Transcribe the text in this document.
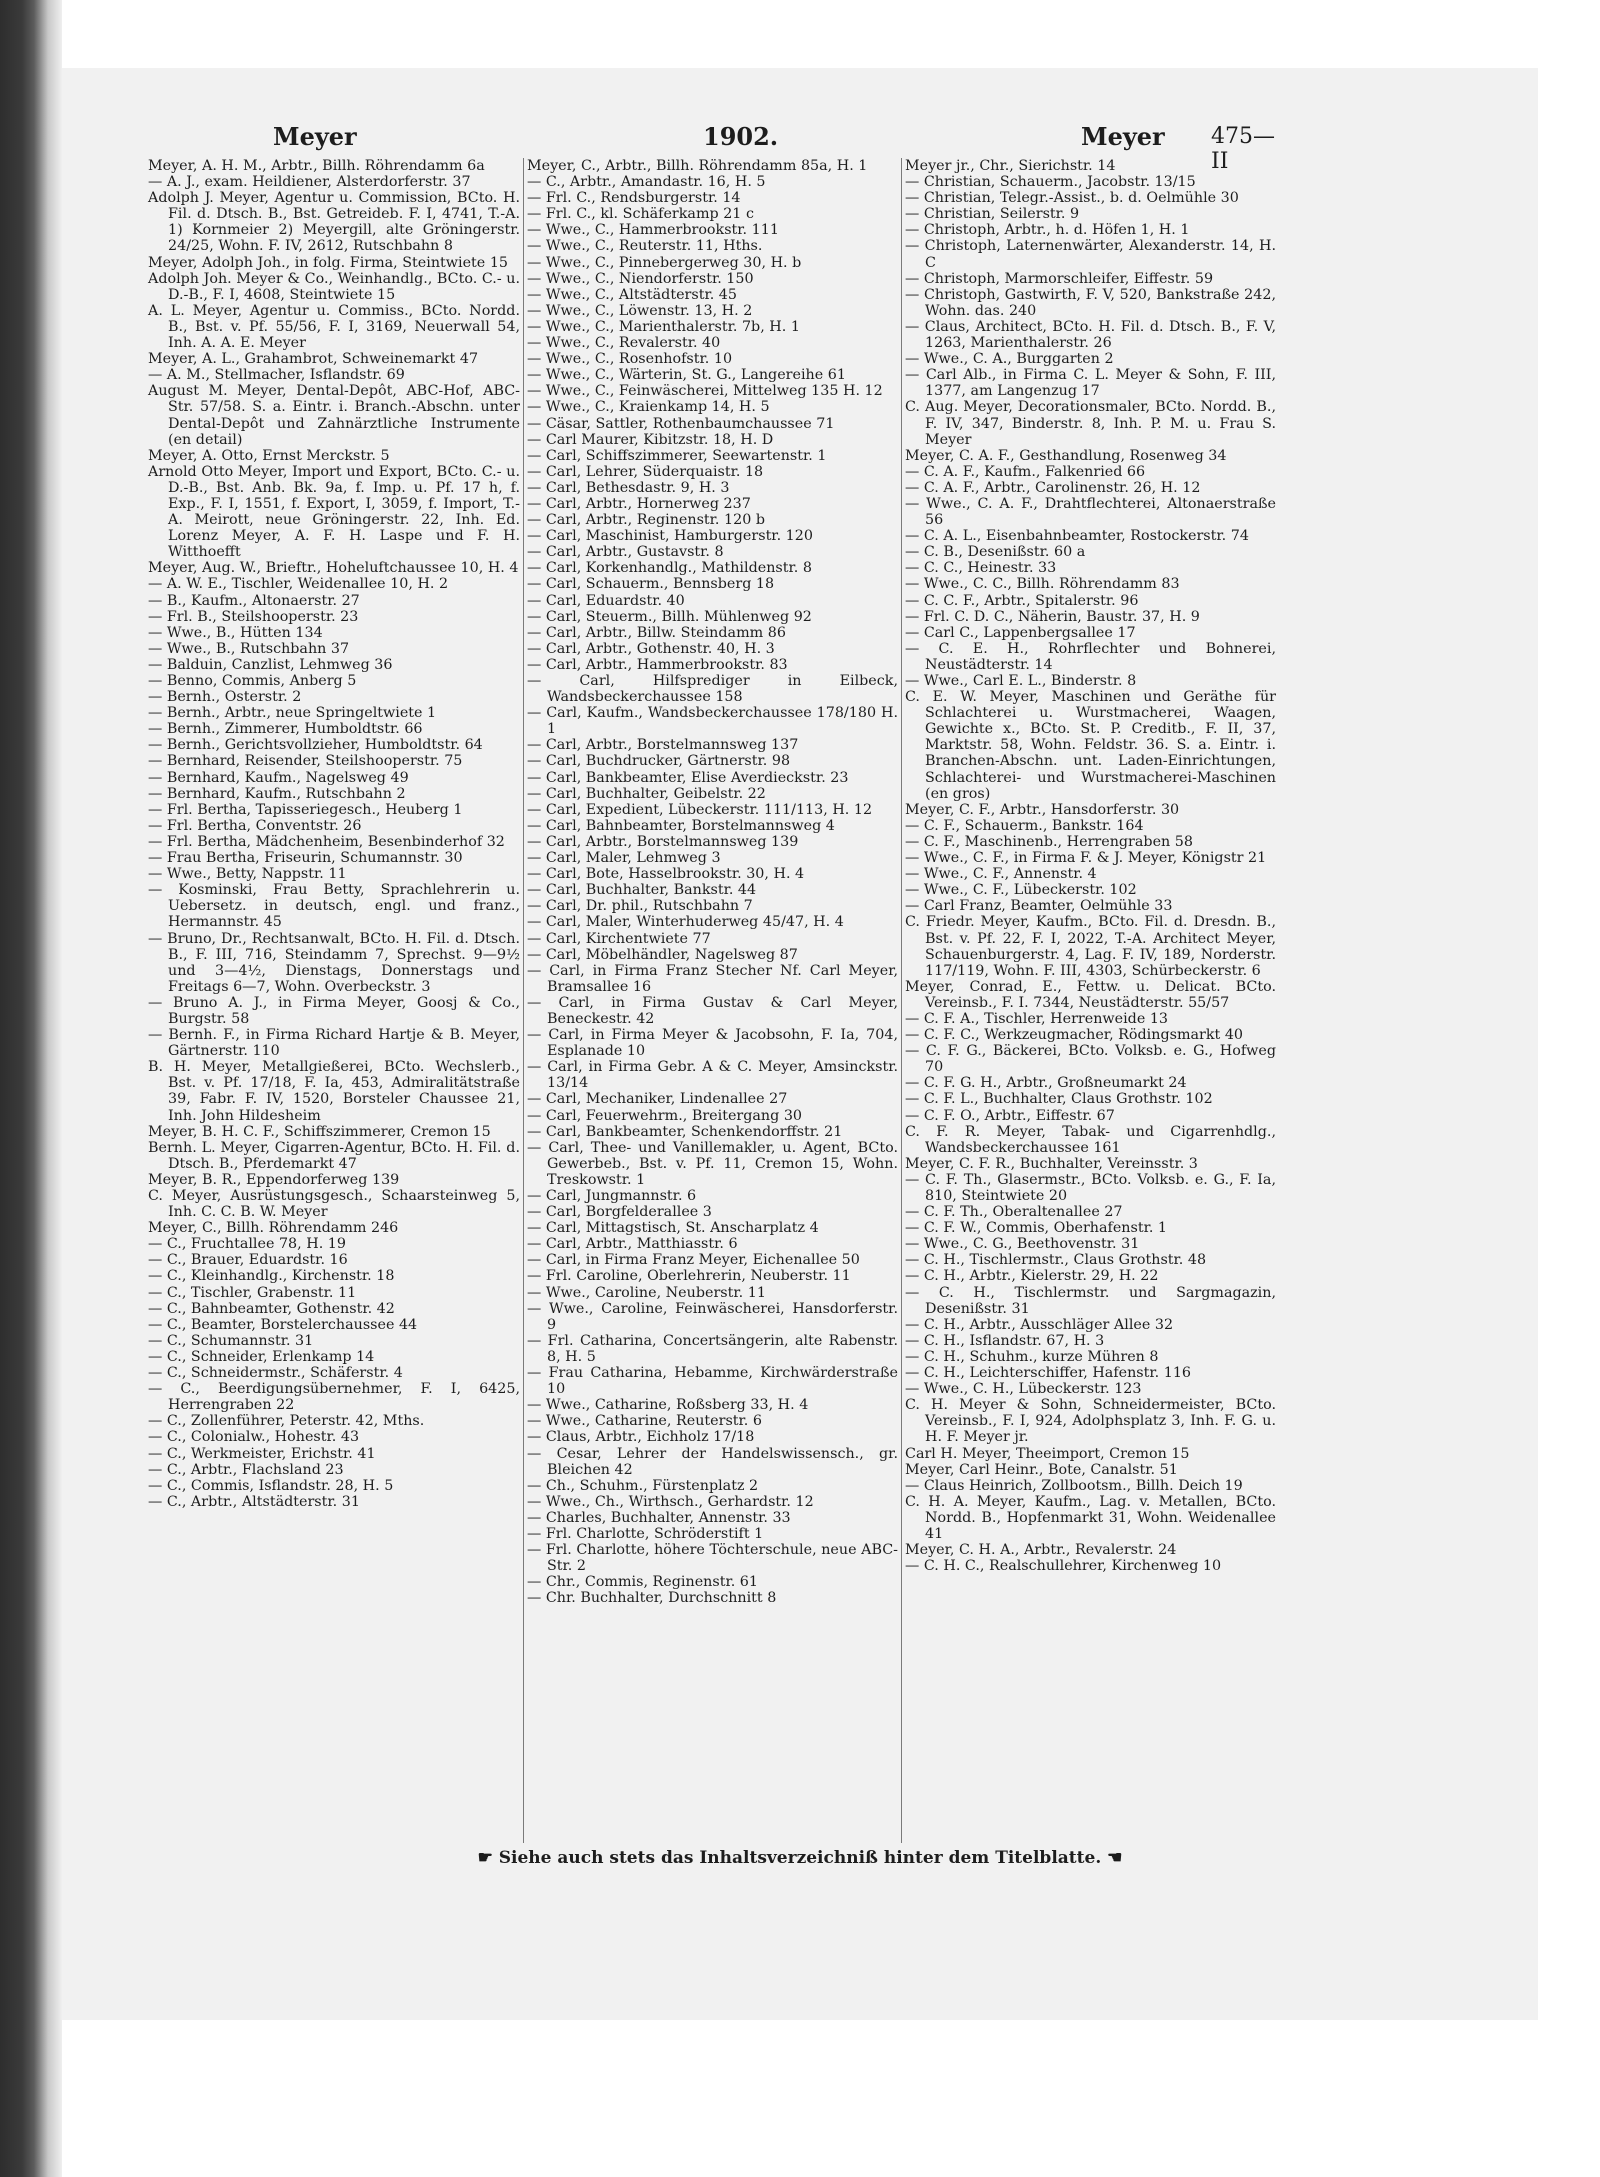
Meyer	1902.	Meyer 475—II
Meyer, A. H. M., Arbtr., Billh. Röhrendamm 6a
— A. J., exam. Heildiener, Alsterdorferstr. 37
Adolph J. Meyer, Agentur u. Commission, BCto. H. Fil. d. Dtsch. B., Bst. Getreideb. F. I, 4741, T.-A. 1) Kornmeier 2) Meyergill, alte Gröningerstr. 24/25, Wohn. F. IV, 2612, Rutschbahn 8
Meyer, Adolph Joh., in folg. Firma, Steintwiete 15
Adolph Joh. Meyer & Co., Weinhandlg., BCto. C.- u. D.-B., F. I, 4608, Steintwiete 15
A. L. Meyer, Agentur u. Commiss., BCto. Nordd. B., Bst. v. Pf. 55/56, F. I, 3169, Neuerwall 54, Inh. A. A. E. Meyer
Meyer, A. L., Grahambrot, Schweinemarkt 47
— A. M., Stellmacher, Isflandstr. 69
August M. Meyer, Dental-Depôt, ABC-Hof, ABC-Str. 57/58. S. a. Eintr. i. Branch.-Abschn. unter Dental-Depôt und Zahnärztliche Instrumente (en detail)
Meyer, A. Otto, Ernst Merckstr. 5
Arnold Otto Meyer, Import und Export, BCto. C.- u. D.-B., Bst. Anb. Bk. 9a, f. Imp. u. Pf. 17 h, f. Exp., F. I, 1551, f. Export, I, 3059, f. Import, T.-A. Meirott, neue Gröningerstr. 22, Inh. Ed. Lorenz Meyer, A. F. H. Laspe und F. H. Witthoefft
Meyer, Aug. W., Brieftr., Hoheluftchaussee 10, H. 4
— A. W. E., Tischler, Weidenallee 10, H. 2
— B., Kaufm., Altonaerstr. 27
— Frl. B., Steilshooperstr. 23
— Wwe., B., Hütten 134
— Wwe., B., Rutschbahn 37
— Balduin, Canzlist, Lehmweg 36
— Benno, Commis, Anberg 5
— Bernh., Osterstr. 2
— Bernh., Arbtr., neue Springeltwiete 1
— Bernh., Zimmerer, Humboldtstr. 66
— Bernh., Gerichtsvollzieher, Humboldtstr. 64
— Bernhard, Reisender, Steilshooperstr. 75
— Bernhard, Kaufm., Nagelsweg 49
— Bernhard, Kaufm., Rutschbahn 2
— Frl. Bertha, Tapisseriegesch., Heuberg 1
— Frl. Bertha, Conventstr. 26
— Frl. Bertha, Mädchenheim, Besenbinderhof 32
— Frau Bertha, Friseurin, Schumannstr. 30
— Wwe., Betty, Nappstr. 11
— Kosminski, Frau Betty, Sprachlehrerin u. Uebersetz. in deutsch, engl. und franz., Hermannstr. 45
— Bruno, Dr., Rechtsanwalt, BCto. H. Fil. d. Dtsch. B., F. III, 716, Steindamm 7, Sprechst. 9—9½ und 3—4½, Dienstags, Donnerstags und Freitags 6—7, Wohn. Overbeckstr. 3
— Bruno A. J., in Firma Meyer, Goosj & Co., Burgstr. 58
— Bernh. F., in Firma Richard Hartje & B. Meyer, Gärtnerstr. 110
B. H. Meyer, Metallgießerei, BCto. Wechslerb., Bst. v. Pf. 17/18, F. Ia, 453, Admiralitätstraße 39, Fabr. F. IV, 1520, Borsteler Chaussee 21, Inh. John Hildesheim
Meyer, B. H. C. F., Schiffszimmerer, Cremon 15
Bernh. L. Meyer, Cigarren-Agentur, BCto. H. Fil. d. Dtsch. B., Pferdemarkt 47
Meyer, B. R., Eppendorferweg 139
C. Meyer, Ausrüstungsgesch., Schaarsteinweg 5, Inh. C. C. B. W. Meyer
Meyer, C., Billh. Röhrendamm 246
— C., Fruchtallee 78, H. 19
— C., Brauer, Eduardstr. 16
— C., Kleinhandlg., Kirchenstr. 18
— C., Tischler, Grabenstr. 11
— C., Bahnbeamter, Gothenstr. 42
— C., Beamter, Borstelerchaussee 44
— C., Schumannstr. 31
— C., Schneider, Erlenkamp 14
— C., Schneidermstr., Schäferstr. 4
— C., Beerdigungsübernehmer, F. I, 6425, Herrengraben 22
— C., Zollenführer, Peterstr. 42, Mths.
— C., Colonialw., Hohestr. 43
— C., Werkmeister, Erichstr. 41
— C., Arbtr., Flachsland 23
— C., Commis, Isflandstr. 28, H. 5
— C., Arbtr., Altstädterstr. 31
Meyer, C., Arbtr., Billh. Röhrendamm 85a, H. 1
— C., Arbtr., Amandastr. 16, H. 5
— Frl. C., Rendsburgerstr. 14
— Frl. C., kl. Schäferkamp 21 c
— Wwe., C., Hammerbrookstr. 111
— Wwe., C., Reuterstr. 11, Hths.
— Wwe., C., Pinnebergerweg 30, H. b
— Wwe., C., Niendorferstr. 150
— Wwe., C., Altstädterstr. 45
— Wwe., C., Löwenstr. 13, H. 2
— Wwe., C., Marienthalerstr. 7b, H. 1
— Wwe., C., Revalerstr. 40
— Wwe., C., Rosenhofstr. 10
— Wwe., C., Wärterin, St. G., Langereihe 61
— Wwe., C., Feinwäscherei, Mittelweg 135 H. 12
— Wwe., C., Kraienkamp 14, H. 5
— Cäsar, Sattler, Rothenbaumchaussee 71
— Carl Maurer, Kibitzstr. 18, H. D
— Carl, Schiffszimmerer, Seewartenstr. 1
— Carl, Lehrer, Süderquaistr. 18
— Carl, Bethesdastr. 9, H. 3
— Carl, Arbtr., Hornerweg 237
— Carl, Arbtr., Reginenstr. 120 b
— Carl, Maschinist, Hamburgerstr. 120
— Carl, Arbtr., Gustavstr. 8
— Carl, Korkenhandlg., Mathildenstr. 8
— Carl, Schauerm., Bennsberg 18
— Carl, Eduardstr. 40
— Carl, Steuerm., Billh. Mühlenweg 92
— Carl, Arbtr., Billw. Steindamm 86
— Carl, Arbtr., Gothenstr. 40, H. 3
— Carl, Arbtr., Hammerbrookstr. 83
— Carl, Hilfsprediger in Eilbeck, Wandsbeckerchaussee 158
— Carl, Kaufm., Wandsbeckerchaussee 178/180 H. 1
— Carl, Arbtr., Borstelmannsweg 137
— Carl, Buchdrucker, Gärtnerstr. 98
— Carl, Bankbeamter, Elise Averdieckstr. 23
— Carl, Buchhalter, Geibelstr. 22
— Carl, Expedient, Lübeckerstr. 111/113, H. 12
— Carl, Bahnbeamter, Borstelmannsweg 4
— Carl, Arbtr., Borstelmannsweg 139
— Carl, Maler, Lehmweg 3
— Carl, Bote, Hasselbrookstr. 30, H. 4
— Carl, Buchhalter, Bankstr. 44
— Carl, Dr. phil., Rutschbahn 7
— Carl, Maler, Winterhuderweg 45/47, H. 4
— Carl, Kirchentwiete 77
— Carl, Möbelhändler, Nagelsweg 87
— Carl, in Firma Franz Stecher Nf. Carl Meyer, Bramsallee 16
— Carl, in Firma Gustav & Carl Meyer, Beneckestr. 42
— Carl, in Firma Meyer & Jacobsohn, F. Ia, 704, Esplanade 10
— Carl, in Firma Gebr. A & C. Meyer, Amsinckstr. 13/14
— Carl, Mechaniker, Lindenallee 27
— Carl, Feuerwehrm., Breitergang 30
— Carl, Bankbeamter, Schenkendorffstr. 21
— Carl, Thee- und Vanillemakler, u. Agent, BCto. Gewerbeb., Bst. v. Pf. 11, Cremon 15, Wohn. Treskowstr. 1
— Carl, Jungmannstr. 6
— Carl, Borgfelderallee 3
— Carl, Mittagstisch, St. Anscharplatz 4
— Carl, Arbtr., Matthiasstr. 6
— Carl, in Firma Franz Meyer, Eichenallee 50
— Frl. Caroline, Oberlehrerin, Neuberstr. 11
— Wwe., Caroline, Neuberstr. 11
— Wwe., Caroline, Feinwäscherei, Hansdorferstr. 9
— Frl. Catharina, Concertsängerin, alte Rabenstr. 8, H. 5
— Frau Catharina, Hebamme, Kirchwärderstraße 10
— Wwe., Catharine, Roßsberg 33, H. 4
— Wwe., Catharine, Reuterstr. 6
— Claus, Arbtr., Eichholz 17/18
— Cesar, Lehrer der Handelswissensch., gr. Bleichen 42
— Ch., Schuhm., Fürstenplatz 2
— Wwe., Ch., Wirthsch., Gerhardstr. 12
— Charles, Buchhalter, Annenstr. 33
— Frl. Charlotte, Schröderstift 1
— Frl. Charlotte, höhere Töchterschule, neue ABC-Str. 2
— Chr., Commis, Reginenstr. 61
— Chr. Buchhalter, Durchschnitt 8
Meyer jr., Chr., Sierichstr. 14
— Christian, Schauerm., Jacobstr. 13/15
— Christian, Telegr.-Assist., b. d. Oelmühle 30
— Christian, Seilerstr. 9
— Christoph, Arbtr., h. d. Höfen 1, H. 1
— Christoph, Laternenwärter, Alexanderstr. 14, H. C
— Christoph, Marmorschleifer, Eiffestr. 59
— Christoph, Gastwirth, F. V, 520, Bankstraße 242, Wohn. das. 240
— Claus, Architect, BCto. H. Fil. d. Dtsch. B., F. V, 1263, Marienthalerstr. 26
— Wwe., C. A., Burggarten 2
— Carl Alb., in Firma C. L. Meyer & Sohn, F. III, 1377, am Langenzug 17
C. Aug. Meyer, Decorationsmaler, BCto. Nordd. B., F. IV, 347, Binderstr. 8, Inh. P. M. u. Frau S. Meyer
Meyer, C. A. F., Gesthandlung, Rosenweg 34
— C. A. F., Kaufm., Falkenried 66
— C. A. F., Arbtr., Carolinenstr. 26, H. 12
— Wwe., C. A. F., Drahtflechterei, Altonaerstraße 56
— C. A. L., Eisenbahnbeamter, Rostockerstr. 74
— C. B., Desenißstr. 60 a
— C. C., Heinestr. 33
— Wwe., C. C., Billh. Röhrendamm 83
— C. C. F., Arbtr., Spitalerstr. 96
— Frl. C. D. C., Näherin, Baustr. 37, H. 9
— Carl C., Lappenbergsallee 17
— C. E. H., Rohrflechter und Bohnerei, Neustädterstr. 14
— Wwe., Carl E. L., Binderstr. 8
C. E. W. Meyer, Maschinen und Geräthe für Schlachterei u. Wurstmacherei, Waagen, Gewichte x., BCto. St. P. Creditb., F. II, 37, Marktstr. 58, Wohn. Feldstr. 36. S. a. Eintr. i. Branchen-Abschn. unt. Laden-Einrichtungen, Schlachterei- und Wurstmacherei-Maschinen (en gros)
Meyer, C. F., Arbtr., Hansdorferstr. 30
— C. F., Schauerm., Bankstr. 164
— C. F., Maschinenb., Herrengraben 58
— Wwe., C. F., in Firma F. & J. Meyer, Königstr 21
— Wwe., C. F., Annenstr. 4
— Wwe., C. F., Lübeckerstr. 102
— Carl Franz, Beamter, Oelmühle 33
C. Friedr. Meyer, Kaufm., BCto. Fil. d. Dresdn. B., Bst. v. Pf. 22, F. I, 2022, T.-A. Architect Meyer, Schauenburgerstr. 4, Lag. F. IV, 189, Norderstr. 117/119, Wohn. F. III, 4303, Schürbeckerstr. 6
Meyer, Conrad, E., Fettw. u. Delicat. BCto. Vereinsb., F. I. 7344, Neustädterstr. 55/57
— C. F. A., Tischler, Herrenweide 13
— C. F. C., Werkzeugmacher, Rödingsmarkt 40
— C. F. G., Bäckerei, BCto. Volksb. e. G., Hofweg 70
— C. F. G. H., Arbtr., Großneumarkt 24
— C. F. L., Buchhalter, Claus Grothstr. 102
— C. F. O., Arbtr., Eiffestr. 67
C. F. R. Meyer, Tabak- und Cigarrenhdlg., Wandsbeckerchaussee 161
Meyer, C. F. R., Buchhalter, Vereinsstr. 3
— C. F. Th., Glasermstr., BCto. Volksb. e. G., F. Ia, 810, Steintwiete 20
— C. F. Th., Oberaltenallee 27
— C. F. W., Commis, Oberhafenstr. 1
— Wwe., C. G., Beethovenstr. 31
— C. H., Tischlermstr., Claus Grothstr. 48
— C. H., Arbtr., Kielerstr. 29, H. 22
— C. H., Tischlermstr. und Sargmagazin, Desenißstr. 31
— C. H., Arbtr., Ausschläger Allee 32
— C. H., Isflandstr. 67, H. 3
— C. H., Schuhm., kurze Mühren 8
— C. H., Leichterschiffer, Hafenstr. 116
— Wwe., C. H., Lübeckerstr. 123
C. H. Meyer & Sohn, Schneidermeister, BCto. Vereinsb., F. I, 924, Adolphsplatz 3, Inh. F. G. u. H. F. Meyer jr.
Carl H. Meyer, Theeimport, Cremon 15
Meyer, Carl Heinr., Bote, Canalstr. 51
— Claus Heinrich, Zollbootsm., Billh. Deich 19
C. H. A. Meyer, Kaufm., Lag. v. Metallen, BCto. Nordd. B., Hopfenmarkt 31, Wohn. Weidenallee 41
Meyer, C. H. A., Arbtr., Revalerstr. 24
— C. H. C., Realschullehrer, Kirchenweg 10
☛ Siehe auch stets das Inhaltsverzeichniß hinter dem Titelblatte. ☚
